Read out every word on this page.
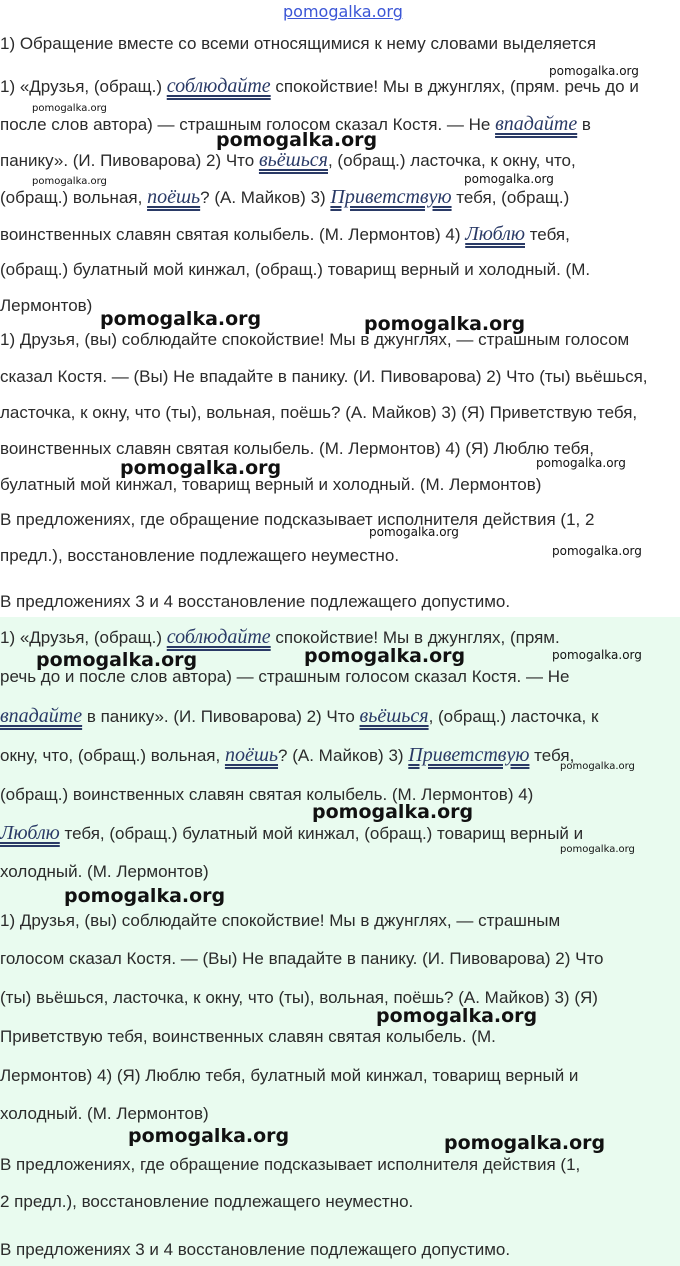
pomogalka.org
1) Обращение вместе со всеми относящимися к нему словами выделяется
1) «Друзья, (обращ.) соблюдайте спокойствие! Мы в джунглях, (прям. речь до и
после слов автора) — страшным голосом сказал Костя. — Не впадайте в
панику». (И. Пивоварова) 2) Что вьёшься, (обращ.) ласточка, к окну, что,
(обращ.) вольная, поёшь? (А. Майков) 3) Приветствую тебя, (обращ.)
воинственных славян святая колыбель. (М. Лермонтов) 4) Люблю тебя,
(обращ.) булатный мой кинжал, (обращ.) товарищ верный и холодный. (М.
Лермонтов)
1) Друзья, (вы) соблюдайте спокойствие! Мы в джунглях, — страшным голосом
сказал Костя. — (Вы) Не впадайте в панику. (И. Пивоварова) 2) Что (ты) вьёшься,
ласточка, к окну, что (ты), вольная, поёшь? (А. Майков) 3) (Я) Приветствую тебя,
воинственных славян святая колыбель. (М. Лермонтов) 4) (Я) Люблю тебя,
булатный мой кинжал, товарищ верный и холодный. (М. Лермонтов)
В предложениях, где обращение подсказывает исполнителя действия (1, 2
предл.), восстановление подлежащего неуместно.
В предложениях 3 и 4 восстановление подлежащего допустимо.
1) «Друзья, (обращ.) соблюдайте спокойствие! Мы в джунглях, (прям.
речь до и после слов автора) — страшным голосом сказал Костя. — Не
впадайте в панику». (И. Пивоварова) 2) Что вьёшься, (обращ.) ласточка, к
окну, что, (обращ.) вольная, поёшь? (А. Майков) 3) Приветствую тебя,
(обращ.) воинственных славян святая колыбель. (М. Лермонтов) 4)
Люблю тебя, (обращ.) булатный мой кинжал, (обращ.) товарищ верный и
холодный. (М. Лермонтов)
1) Друзья, (вы) соблюдайте спокойствие! Мы в джунглях, — страшным
голосом сказал Костя. — (Вы) Не впадайте в панику. (И. Пивоварова) 2) Что
(ты) вьёшься, ласточка, к окну, что (ты), вольная, поёшь? (А. Майков) 3) (Я)
Приветствую тебя, воинственных славян святая колыбель. (М.
Лермонтов) 4) (Я) Люблю тебя, булатный мой кинжал, товарищ верный и
холодный. (М. Лермонтов)
В предложениях, где обращение подсказывает исполнителя действия (1,
2 предл.), восстановление подлежащего неуместно.
В предложениях 3 и 4 восстановление подлежащего допустимо.
pomogalka.org
pomogalka.org
pomogalka.org
pomogalka.org
pomogalka.org
pomogalka.org	pomogalka.org
pomogalka.org	pomogalka.org
pomogalka.org
pomogalka.org
pomogalka.org	pomogalka.org	pomogalka.org
pomogalka.org
pomogalka.org
pomogalka.org
pomogalka.org
pomogalka.org
pomogalka.org	pomogalka.org
